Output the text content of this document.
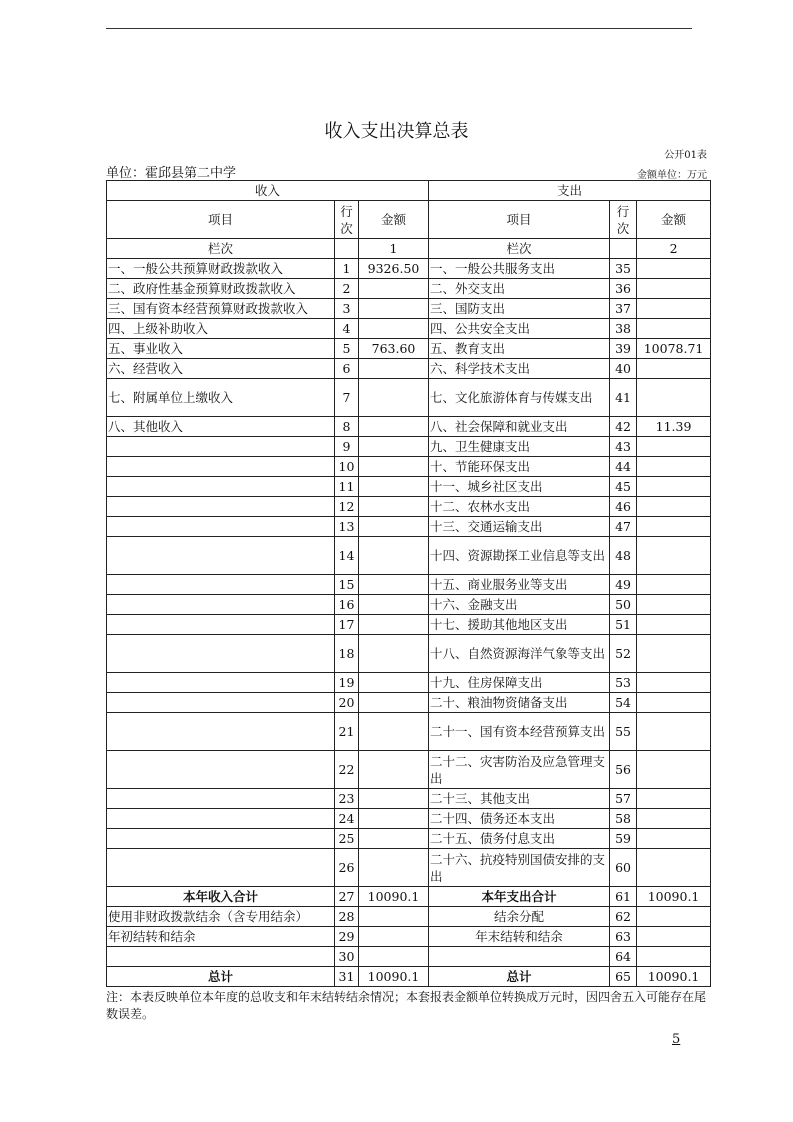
收入支出决算总表
公开01表
单位：霍邱县第二中学	金额单位：万元
收入			支出		
项目	行次	金额	项目	行次	金额
栏次		1	栏次		2
一、一般公共预算财政拨款收入	1	9326.50	一、一般公共服务支出	35	
二、政府性基金预算财政拨款收入	2		二、外交支出	36	
三、国有资本经营预算财政拨款收入	3		三、国防支出	37	
四、上级补助收入	4		四、公共安全支出	38	
五、事业收入	5	763.60	五、教育支出	39	10078.71
六、经营收入	6		六、科学技术支出	40	
七、附属单位上缴收入	7		七、文化旅游体育与传媒支出	41	
八、其他收入	8		八、社会保障和就业支出	42	11.39
	9		九、卫生健康支出	43	
	10		十、节能环保支出	44	
	11		十一、城乡社区支出	45	
	12		十二、农林水支出	46	
	13		十三、交通运输支出	47	
	14		十四、资源勘探工业信息等支出	48	
	15		十五、商业服务业等支出	49	
	16		十六、金融支出	50	
	17		十七、援助其他地区支出	51	
	18		十八、自然资源海洋气象等支出	52	
	19		十九、住房保障支出	53	
	20		二十、粮油物资储备支出	54	
	21		二十一、国有资本经营预算支出	55	
	22		二十二、灾害防治及应急管理支出	56	
	23		二十三、其他支出	57	
	24		二十四、债务还本支出	58	
	25		二十五、债务付息支出	59	
	26		二十六、抗疫特别国债安排的支出	60	
本年收入合计	27	10090.1	本年支出合计	61	10090.1
使用非财政拨款结余（含专用结余）	28		结余分配	62	
年初结转和结余	29		年末结转和结余	63	
	30			64	
总计	31	10090.1	总计	65	10090.1
注：本表反映单位本年度的总收支和年末结转结余情况；本套报表金额单位转换成万元时，因四舍五入可能存在尾数误差。
5
